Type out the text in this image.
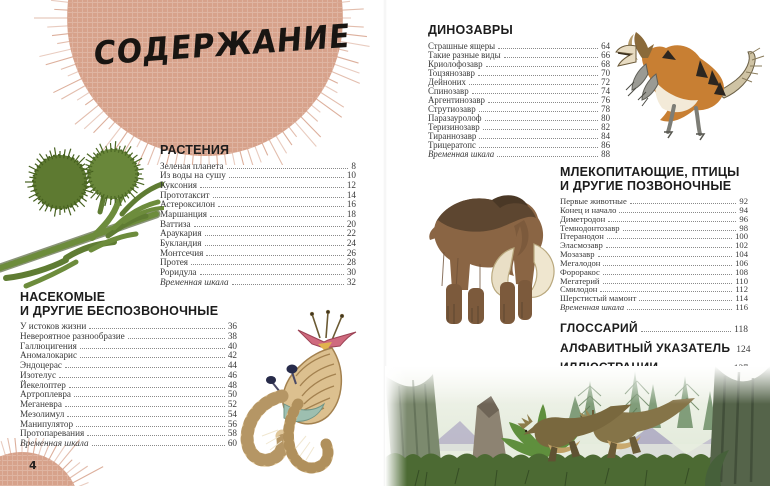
СОДЕРЖАНИЕ
4
РАСТЕНИЯ
Зеленая планета	8
Из воды на сушу	10
Куксония	12
Прототаксит	14
Астероксилон	16
Маршанция	18
Ваттиза	20
Араукария	22
Букландия	24
Монтсечия	26
Протея	28
Роридула	30
Временная шкала	32
НАСЕКОМЫЕ
И ДРУГИЕ БЕСПОЗВОНОЧНЫЕ
У истоков жизни	36
Невероятное разнообразие	38
Галлюцигения	40
Аномалокарис	42
Эндоцерас	44
Изотелус	46
Йекелоптер	48
Артроплевра	50
Меганевра	52
Мезолимул	54
Манипулятор	56
Протопаревания	58
Временная шкала	60
ДИНОЗАВРЫ
Страшные ящеры	64
Такие разные виды	66
Криолофозавр	68
Тоцзянозавр	70
Дейноних	72
Спинозавр	74
Аргентинозавр	76
Струтиозавр	78
Паразауролоф	80
Теризинозавр	82
Тираннозавр	84
Трицератопс	86
Временная шкала	88
МЛЕКОПИТАЮЩИЕ, ПТИЦЫ
И ДРУГИЕ ПОЗВОНОЧНЫЕ
Первые животные	92
Конец и начало	94
Диметродон	96
Темнодонтозавр	98
Птеранодон	100
Эласмозавр	102
Мозазавр	104
Мегалодон	106
Фороракос	108
Мегатерий	110
Смилодон	112
Шерстистый мамонт	114
Временная шкала	116
ГЛОССАРИЙ	118
АЛФАВИТНЫЙ УКАЗАТЕЛЬ 124
